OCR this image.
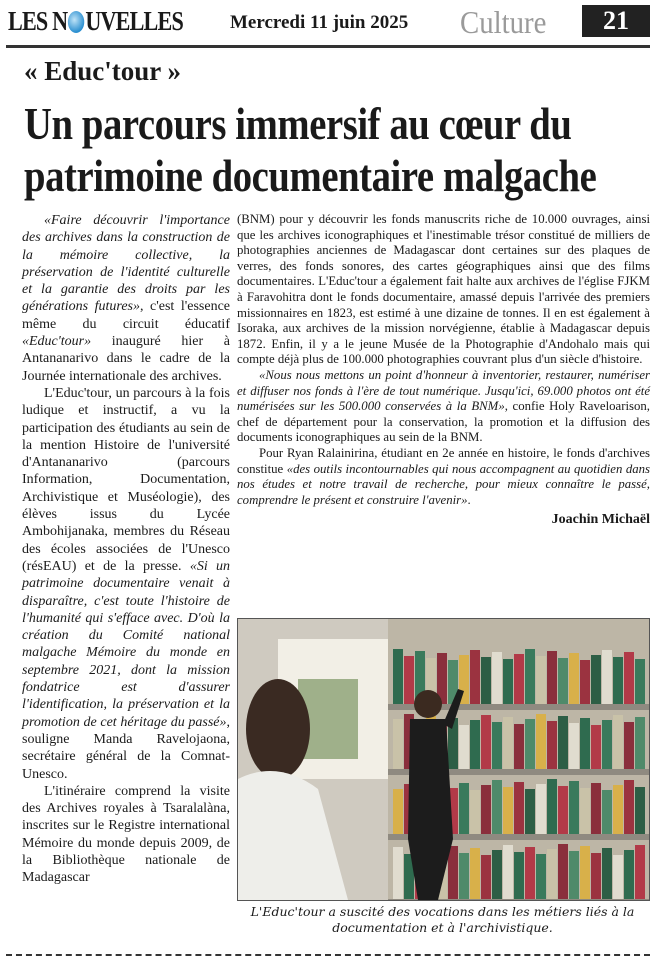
LES N UVELLES Mercredi 11 juin 2025 Culture	21
« Educ'tour »
Un parcours immersif au cœur du
patrimoine documentaire malgache

«Faire découvrir l'importance des archives dans la construction de la mémoire collective, la préservation de l'identité culturelle et la garantie des droits par les générations futures», c'est l'essence même du circuit éducatif «Educ'tour» inauguré hier à Antananarivo dans le cadre de la Journée internationale des archives.

L'Educ'tour, un parcours à la fois ludique et instructif, a vu la participation des étudiants au sein de la mention Histoire de l'université d'Antananarivo (parcours Information, Documentation, Archivistique et Muséologie), des élèves issus du Lycée Ambohijanaka, membres du Réseau des écoles associées de l'Unesco (résEAU) et de la presse. «Si un patrimoine documentaire venait à disparaître, c'est toute l'histoire de l'humanité qui s'efface avec. D'où la création du Comité national malgache Mémoire du monde en septembre 2021, dont la mission fondatrice est d'assurer l'identification, la préservation et la promotion de cet héritage du passé», souligne Manda Ravelojaona, secrétaire général de la Comnat-Unesco.

L'itinéraire comprend la visite des Archives royales à Tsaralalàna, inscrites sur le Registre international Mémoire du monde depuis 2009, de la Bibliothèque nationale de Madagascar

(BNM) pour y découvrir les fonds manuscrits riche de 10.000 ouvrages, ainsi que les archives iconographiques et l'inestimable trésor constitué de milliers de photographies anciennes de Madagascar dont certaines sur des plaques de verres, des fonds sonores, des cartes géographiques ainsi que des films documentaires. L'Educ'tour a également fait halte aux archives de l'église FJKM à Faravohitra dont le fonds documentaire, amassé depuis l'arrivée des premiers missionnaires en 1823, est estimé à une dizaine de tonnes. Il en est également à Isoraka, aux archives de la mission norvégienne, établie à Madagascar depuis 1872. Enfin, il y a le jeune Musée de la Photographie d'Andohalo mais qui compte déjà plus de 100.000 photographies couvrant plus d'un siècle d'histoire.

«Nous nous mettons un point d'honneur à inventorier, restaurer, numériser et diffuser nos fonds à l'ère de tout numérique. Jusqu'ici, 69.000 photos ont été numérisées sur les 500.000 conservées à la BNM», confie Holy Raveloarison, chef de département pour la conservation, la promotion et la diffusion des documents iconographiques au sein de la BNM.

Pour Ryan Ralainirina, étudiant en 2e année en histoire, le fonds d'archives constitue «des outils incontournables qui nous accompagnent au quotidien dans nos études et notre travail de recherche, pour mieux connaître le passé, comprendre le présent et construire l'avenir».

Joachin Michaël
L'Educ'tour a suscité des vocations dans les métiers liés à la documentation et à l'archivistique.
